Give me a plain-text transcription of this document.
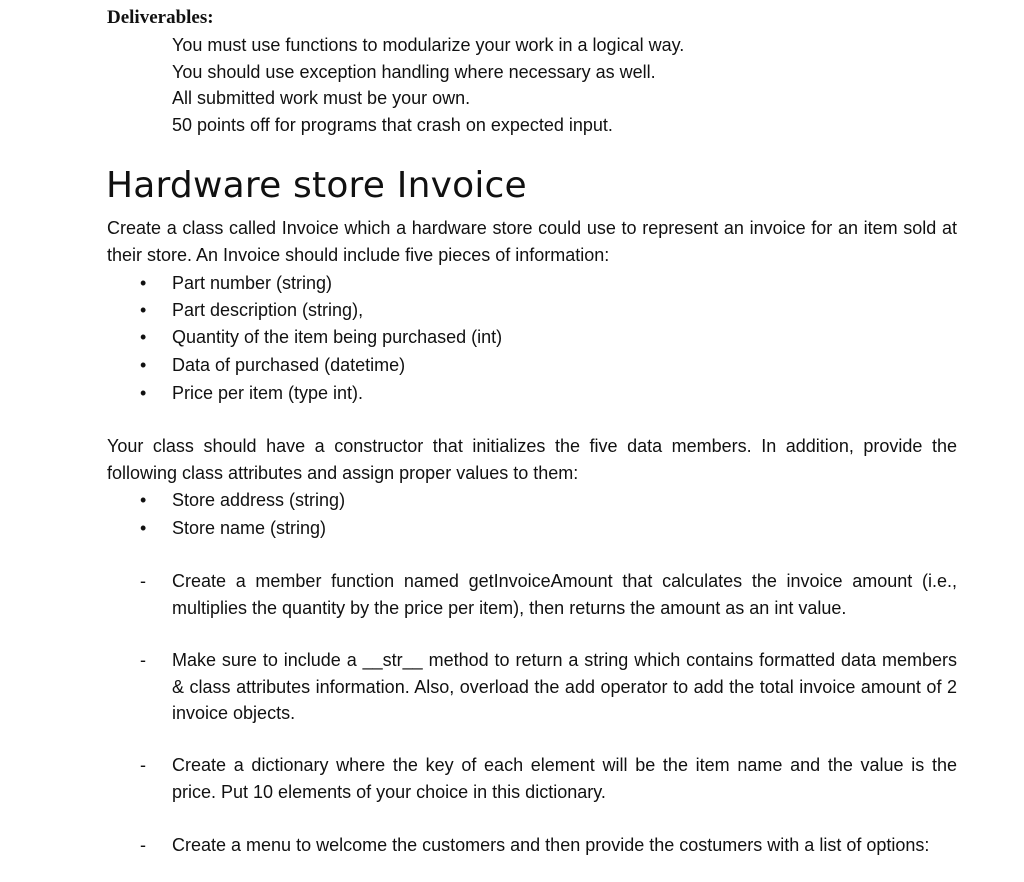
Deliverables:
You must use functions to modularize your work in a logical way.
You should use exception handling where necessary as well.
All submitted work must be your own.
50 points off for programs that crash on expected input.
Hardware store Invoice
Create a class called Invoice which a hardware store could use to represent an invoice for an item sold at their store. An Invoice should include five pieces of information:
• Part number (string)
• Part description (string),
• Quantity of the item being purchased (int)
• Data of purchased (datetime)
• Price per item (type int).
Your class should have a constructor that initializes the five data members. In addition, provide the following class attributes and assign proper values to them:
• Store address (string)
• Store name (string)
- Create a member function named getInvoiceAmount that calculates the invoice amount (i.e., multiplies the quantity by the price per item), then returns the amount as an int value.
- Make sure to include a __str__ method to return a string which contains formatted data members & class attributes information. Also, overload the add operator to add the total invoice amount of 2 invoice objects.
- Create a dictionary where the key of each element will be the item name and the value is the price. Put 10 elements of your choice in this dictionary.
- Create a menu to welcome the customers and then provide the costumers with a list of options:
